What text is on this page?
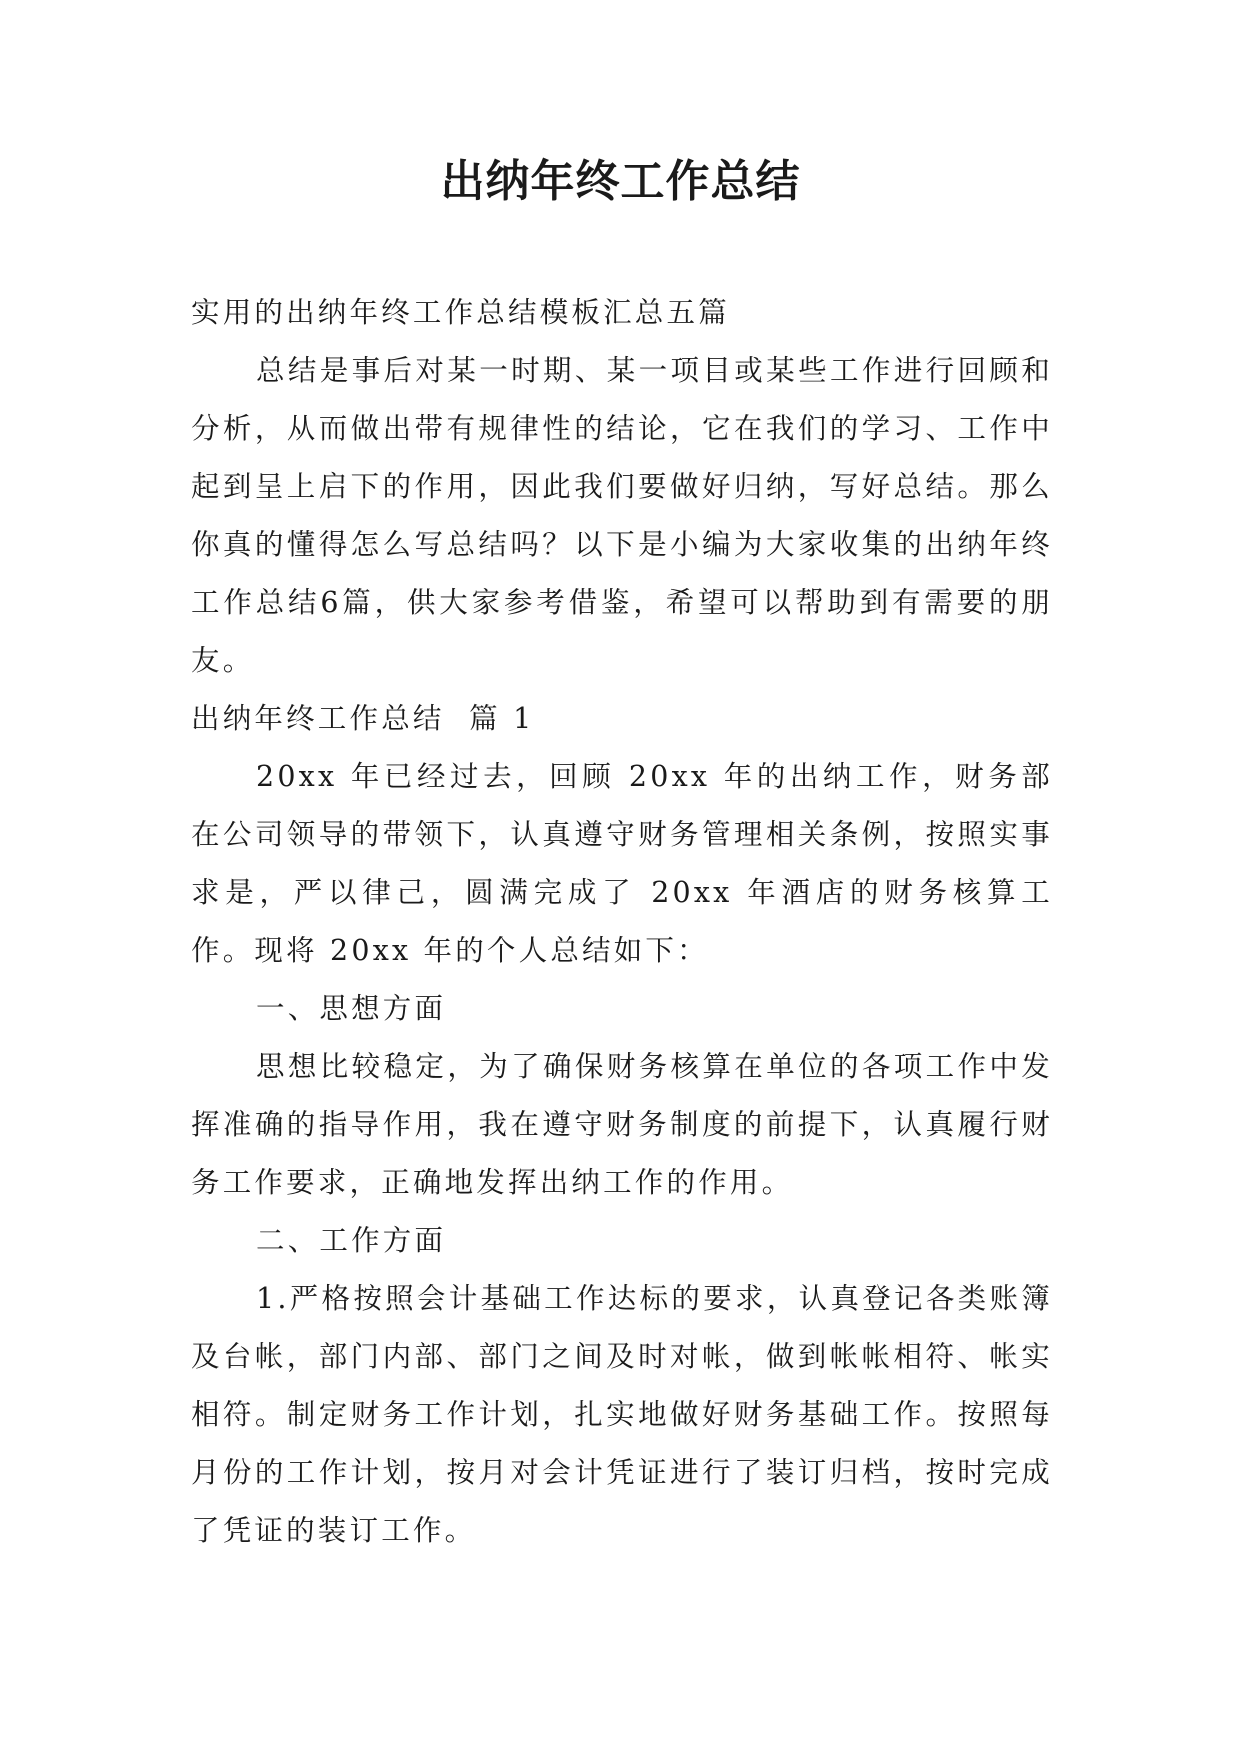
出纳年终工作总结

实用的出纳年终工作总结模板汇总五篇

总结是事后对某一时期、某一项目或某些工作进行回顾和分析，从而做出带有规律性的结论，它在我们的学习、工作中起到呈上启下的作用，因此我们要做好归纳，写好总结。那么你真的懂得怎么写总结吗？以下是小编为大家收集的出纳年终工作总结6篇，供大家参考借鉴，希望可以帮助到有需要的朋友。

出纳年终工作总结  篇 1

20xx 年已经过去，回顾 20xx 年的出纳工作，财务部在公司领导的带领下，认真遵守财务管理相关条例，按照实事求是，严以律己，圆满完成了 20xx 年酒店的财务核算工作。现将 20xx 年的个人总结如下：

一、思想方面

思想比较稳定，为了确保财务核算在单位的各项工作中发挥准确的指导作用，我在遵守财务制度的前提下，认真履行财务工作要求，正确地发挥出纳工作的作用。

二、工作方面

1.严格按照会计基础工作达标的要求，认真登记各类账簿及台帐，部门内部、部门之间及时对帐，做到帐帐相符、帐实相符。制定财务工作计划，扎实地做好财务基础工作。按照每月份的工作计划，按月对会计凭证进行了装订归档，按时完成了凭证的装订工作。
